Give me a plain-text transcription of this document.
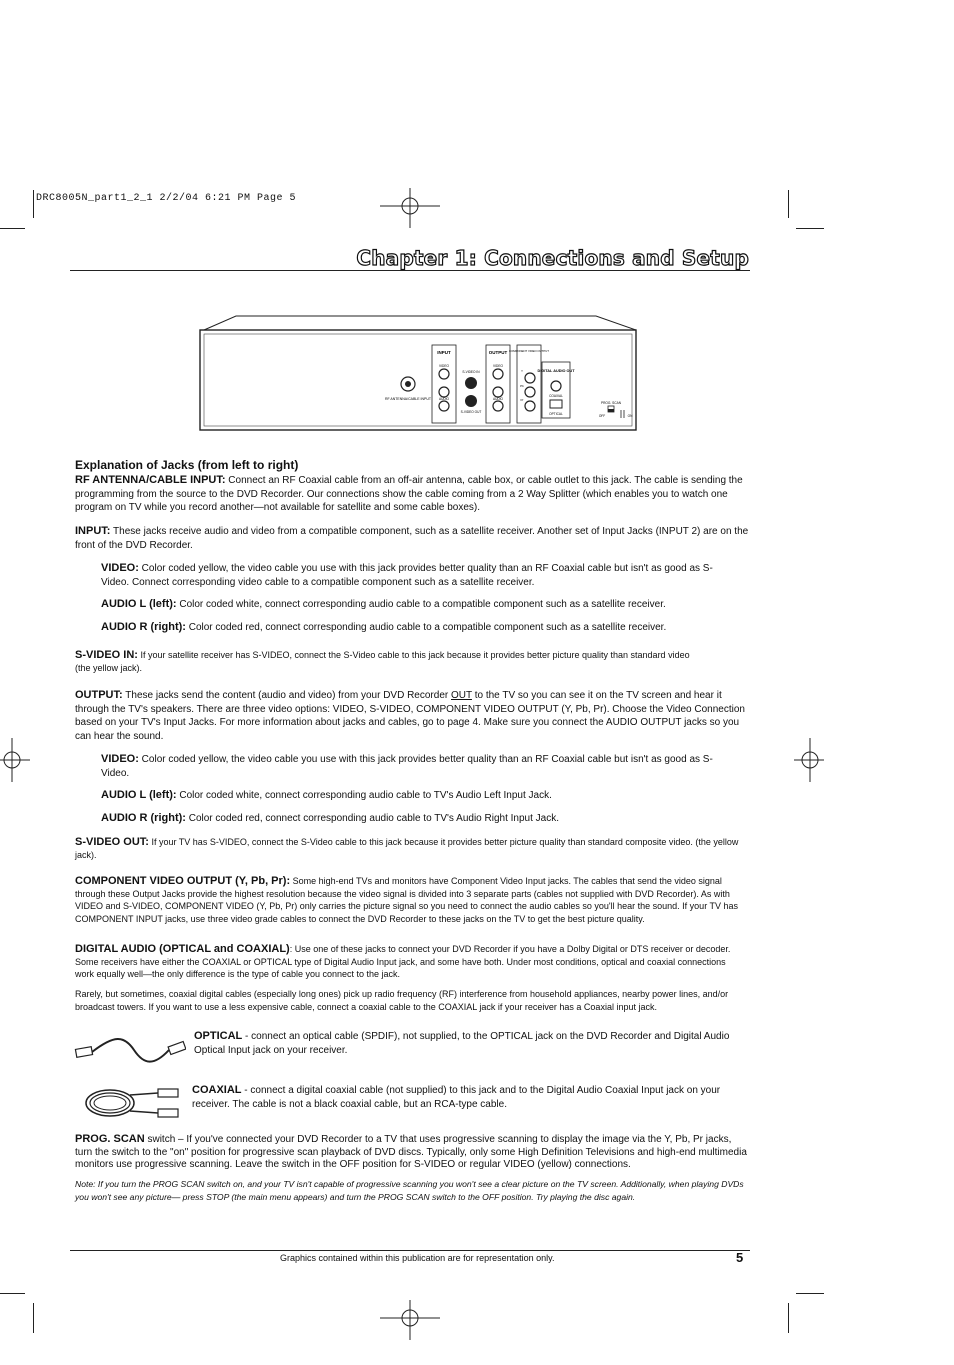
DRC8005N_part1_2_1 2/2/04 6:21 PM Page 5
Chapter 1: Connections and Setup
RF ANTENNA/CABLE INPUT
INPUT
VIDEO
AUDIO
S-VIDEO IN
S-VIDEO OUT
OUTPUT
VIDEO
AUDIO
COMPONENT VIDEO OUTPUT
Y
Pb
Pr
DIGITAL AUDIO OUT
COAXIAL
OPTICAL
PROG. SCAN
OFF	ON
Explanation of Jacks (from left to right)
RF ANTENNA/CABLE INPUT: Connect an RF Coaxial cable from an off-air antenna, cable box, or cable outlet to this jack. The cable is sending the programming from the source to the DVD Recorder. Our connections show the cable coming from a 2 Way Splitter (which enables you to watch one program on TV while you record another—not available for satellite and some cable boxes).
INPUT: These jacks receive audio and video from a compatible component, such as a satellite receiver. Another set of Input Jacks (INPUT 2) are on the front of the DVD Recorder.
VIDEO: Color coded yellow, the video cable you use with this jack provides better quality than an RF Coaxial cable but isn't as good as S-Video. Connect corresponding video cable to a compatible component such as a satellite receiver.
AUDIO L (left): Color coded white, connect corresponding audio cable to a compatible component such as a satellite receiver.
AUDIO R (right): Color coded red, connect corresponding audio cable to a compatible component such as a satellite receiver.
S-VIDEO IN: If your satellite receiver has S-VIDEO, connect the S-Video cable to this jack because it provides better picture quality than standard video (the yellow jack).
OUTPUT: These jacks send the content (audio and video) from your DVD Recorder OUT to the TV so you can see it on the TV screen and hear it through the TV's speakers. There are three video options: VIDEO, S-VIDEO, COMPONENT VIDEO OUTPUT (Y, Pb, Pr). Choose the Video Connection based on your TV's Input Jacks. For more information about jacks and cables, go to page 4. Make sure you connect the AUDIO OUTPUT jacks so you can hear the sound.
VIDEO: Color coded yellow, the video cable you use with this jack provides better quality than an RF Coaxial cable but isn't as good as S-Video.
AUDIO L (left): Color coded white, connect corresponding audio cable to TV's Audio Left Input Jack.
AUDIO R (right): Color coded red, connect corresponding audio cable to TV's Audio Right Input Jack.
S-VIDEO OUT: If your TV has S-VIDEO, connect the S-Video cable to this jack because it provides better picture quality than standard composite video. (the yellow jack).
COMPONENT VIDEO OUTPUT (Y, Pb, Pr): Some high-end TVs and monitors have Component Video Input jacks. The cables that send the video signal through these Output Jacks provide the highest resolution because the video signal is divided into 3 separate parts (cables not supplied with DVD Recorder). As with VIDEO and S-VIDEO, COMPONENT VIDEO (Y, Pb, Pr) only carries the picture signal so you need to connect the audio cables so you'll hear the sound. If your TV has COMPONENT INPUT jacks, use three video grade cables to connect the DVD Recorder to these jacks on the TV to get the best picture quality.
DIGITAL AUDIO (OPTICAL and COAXIAL): Use one of these jacks to connect your DVD Recorder if you have a Dolby Digital or DTS receiver or decoder. Some receivers have either the COAXIAL or OPTICAL type of Digital Audio Input jack, and some have both. Under most conditions, optical and coaxial connections work equally well—the only difference is the type of cable you connect to the jack.
Rarely, but sometimes, coaxial digital cables (especially long ones) pick up radio frequency (RF) interference from household appliances, nearby power lines, and/or broadcast towers. If you want to use a less expensive cable, connect a coaxial cable to the COAXIAL jack if your receiver has a Coaxial input jack.
OPTICAL - connect an optical cable (SPDIF), not supplied, to the OPTICAL jack on the DVD Recorder and Digital Audio Optical Input jack on your receiver.
COAXIAL - connect a digital coaxial cable (not supplied) to this jack and to the Digital Audio Coaxial Input jack on your receiver. The cable is not a black coaxial cable, but an RCA-type cable.
PROG. SCAN switch – If you've connected your DVD Recorder to a TV that uses progressive scanning to display the image via the Y, Pb, Pr jacks, turn the switch to the "on" position for progressive scan playback of DVD discs. Typically, only some High Definition Televisions and high-end multimedia monitors use progressive scanning. Leave the switch in the OFF position for S-VIDEO or regular VIDEO (yellow) connections.
Note: If you turn the PROG SCAN switch on, and your TV isn't capable of progressive scanning you won't see a clear picture on the TV screen. Additionally, when playing DVDs you won't see any picture— press STOP (the main menu appears) and turn the PROG SCAN switch to the OFF position. Try playing the disc again.
Graphics contained within this publication are for representation only.	5
